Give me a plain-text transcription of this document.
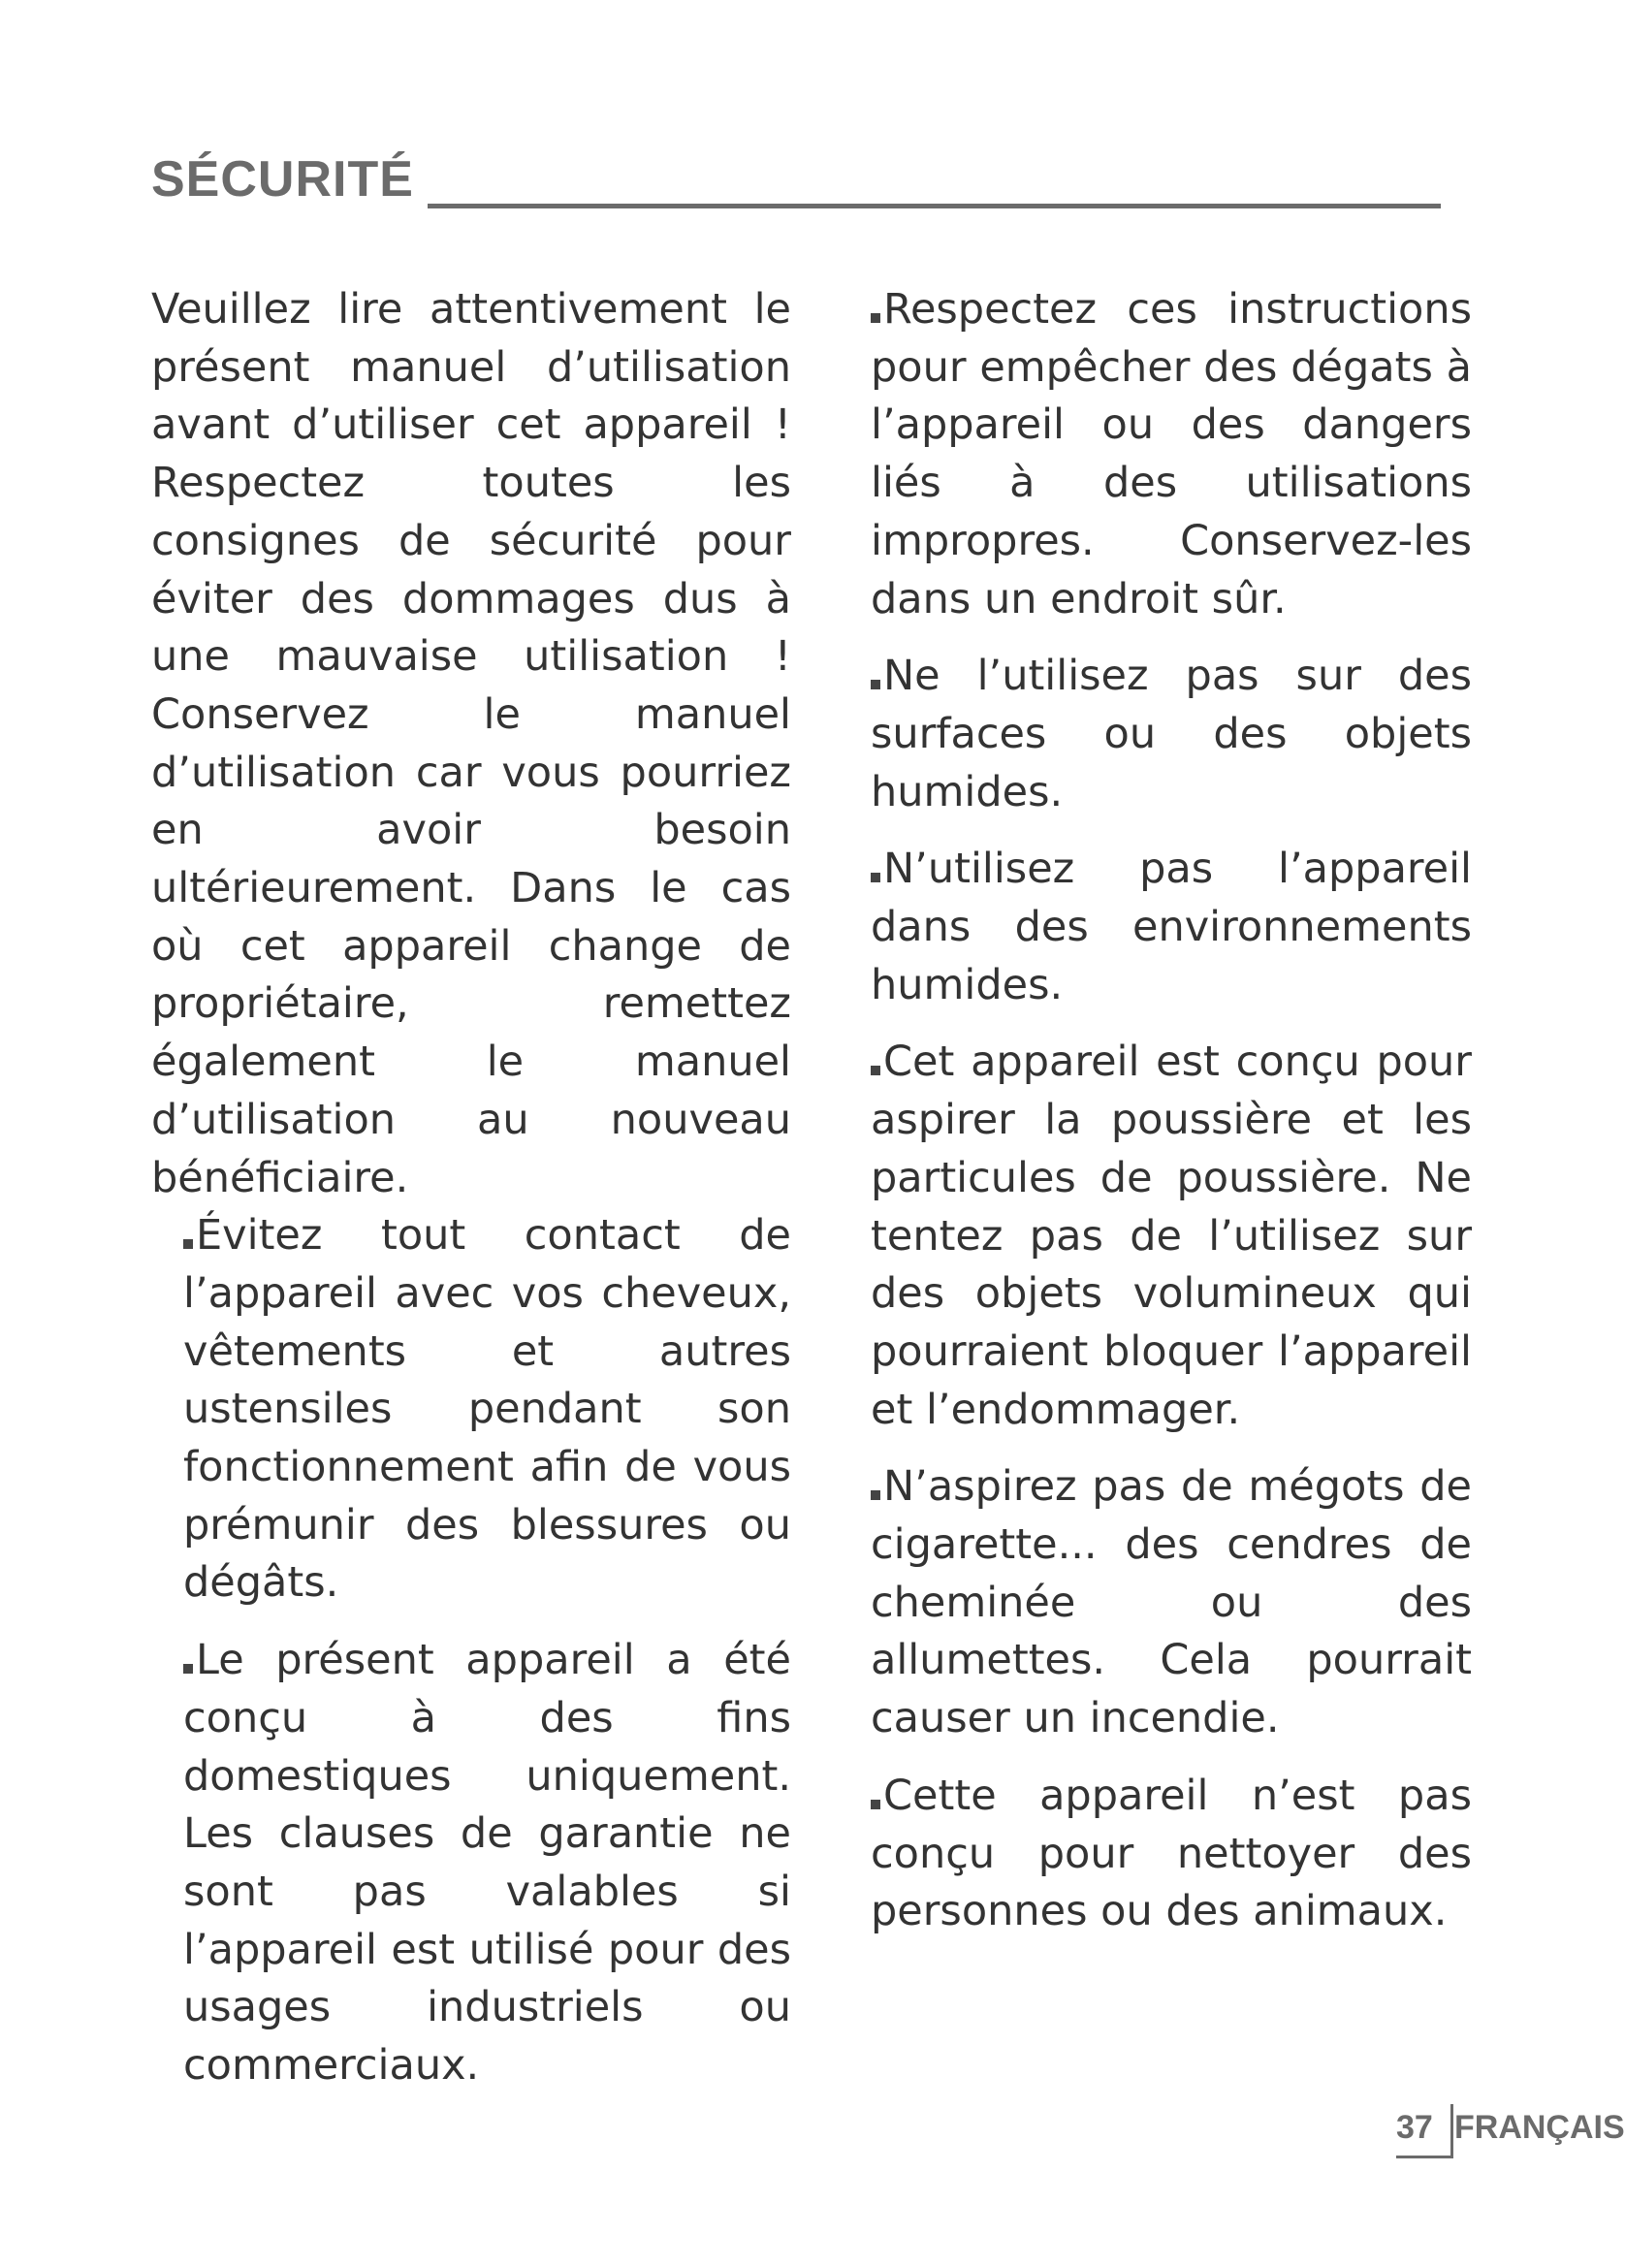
SÉCURITÉ

Veuillez lire attentivement le présent manuel d’utilisation avant d’utiliser cet appareil ! Respectez toutes les consignes de sécurité pour éviter des dommages dus à une mauvaise utilisation ! Conservez le manuel d’utilisation car vous pourriez en avoir besoin ultérieurement. Dans le cas où cet appareil change de propriétaire, remettez également le manuel d’utilisation au nouveau bénéficiaire.

Évitez tout contact de l’appareil avec vos cheveux, vêtements et autres ustensiles pendant son fonctionnement afin de vous prémunir des blessures ou dégâts.

Le présent appareil a été conçu à des fins domestiques uniquement. Les clauses de garantie ne sont pas valables si l’appareil est utilisé pour des usages industriels ou commerciaux.

Respectez ces instructions pour empêcher des dégats à l’appareil ou des dangers liés à des utilisations impropres. Conservez-les dans un endroit sûr.

Ne l’utilisez pas sur des surfaces ou des objets humides.

N’utilisez pas l’appareil dans des environnements humides.

Cet appareil est conçu pour aspirer la poussière et les particules de poussière. Ne tentez pas de l’utilisez sur des objets volumineux qui pourraient bloquer l’appareil et l’endommager.

N’aspirez pas de mégots de cigarette... des cendres de cheminée ou des allumettes. Cela pourrait causer un incendie.

Cette appareil n’est pas conçu pour nettoyer des personnes ou des animaux.

37 FRANÇAIS
